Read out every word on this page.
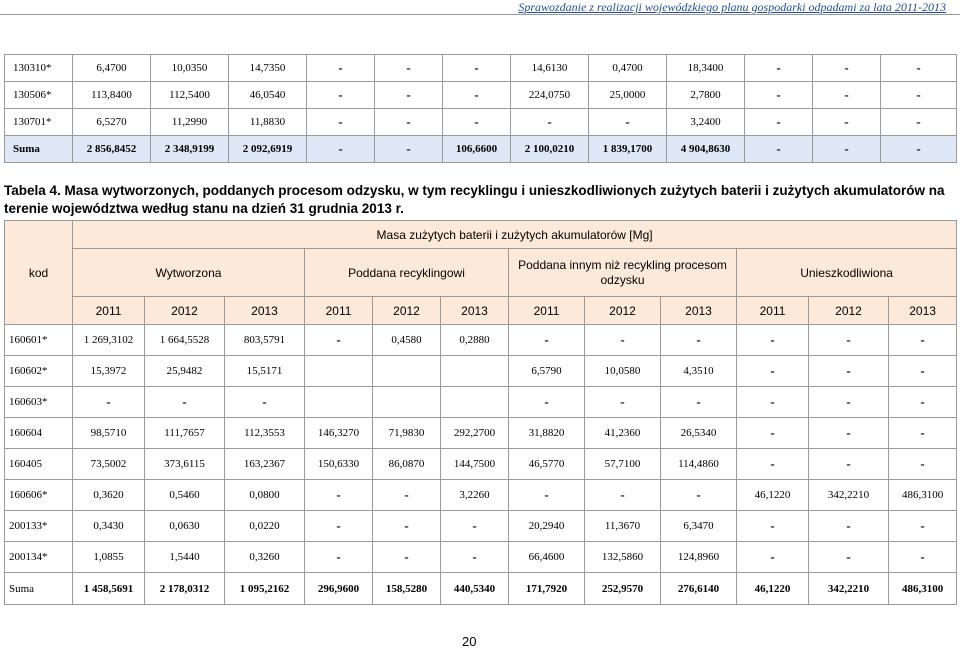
Sprawozdanie z realizacji wojewódzkiego planu gospodarki odpadami za lata 2011-2013
130310*	6,4700	10,0350	14,7350	-	-	-	14,6130	0,4700	18,3400	-	-	-
130506*	113,8400	112,5400	46,0540	-	-	-	224,0750	25,0000	2,7800	-	-	-
130701*	6,5270	11,2990	11,8830	-	-	-	-	-	3,2400	-	-	-
Suma	2 856,8452	2 348,9199	2 092,6919	-	-	106,6600	2 100,0210	1 839,1700	4 904,8630	-	-	-
Tabela 4. Masa wytworzonych, poddanych procesom odzysku, w tym recyklingu i unieszkodliwionych zużytych baterii i zużytych akumulatorów na terenie województwa według stanu na dzień 31 grudnia 2013 r.
kod	Masa zużytych baterii i zużytych akumulatorów [Mg]											
	Wytworzona			Poddana recyklingowi			Poddana innym niż recykling procesom odzysku			Unieszkodliwiona		
	2011	2012	2013	2011	2012	2013	2011	2012	2013	2011	2012	2013
160601*	1 269,3102	1 664,5528	803,5791	-	0,4580	0,2880	-	-	-	-	-	-
160602*	15,3972	25,9482	15,5171				6,5790	10,0580	4,3510	-	-	-
160603*	-	-	-				-	-	-	-	-	-
160604	98,5710	111,7657	112,3553	146,3270	71,9830	292,2700	31,8820	41,2360	26,5340	-	-	-
160405	73,5002	373,6115	163,2367	150,6330	86,0870	144,7500	46,5770	57,7100	114,4860	-	-	-
160606*	0,3620	0,5460	0,0800	-	-	3,2260	-	-	-	46,1220	342,2210	486,3100
200133*	0,3430	0,0630	0,0220	-	-	-	20,2940	11,3670	6,3470	-	-	-
200134*	1,0855	1,5440	0,3260	-	-	-	66,4600	132,5860	124,8960	-	-	-
Suma	1 458,5691	2 178,0312	1 095,2162	296,9600	158,5280	440,5340	171,7920	252,9570	276,6140	46,1220	342,2210	486,3100
20
